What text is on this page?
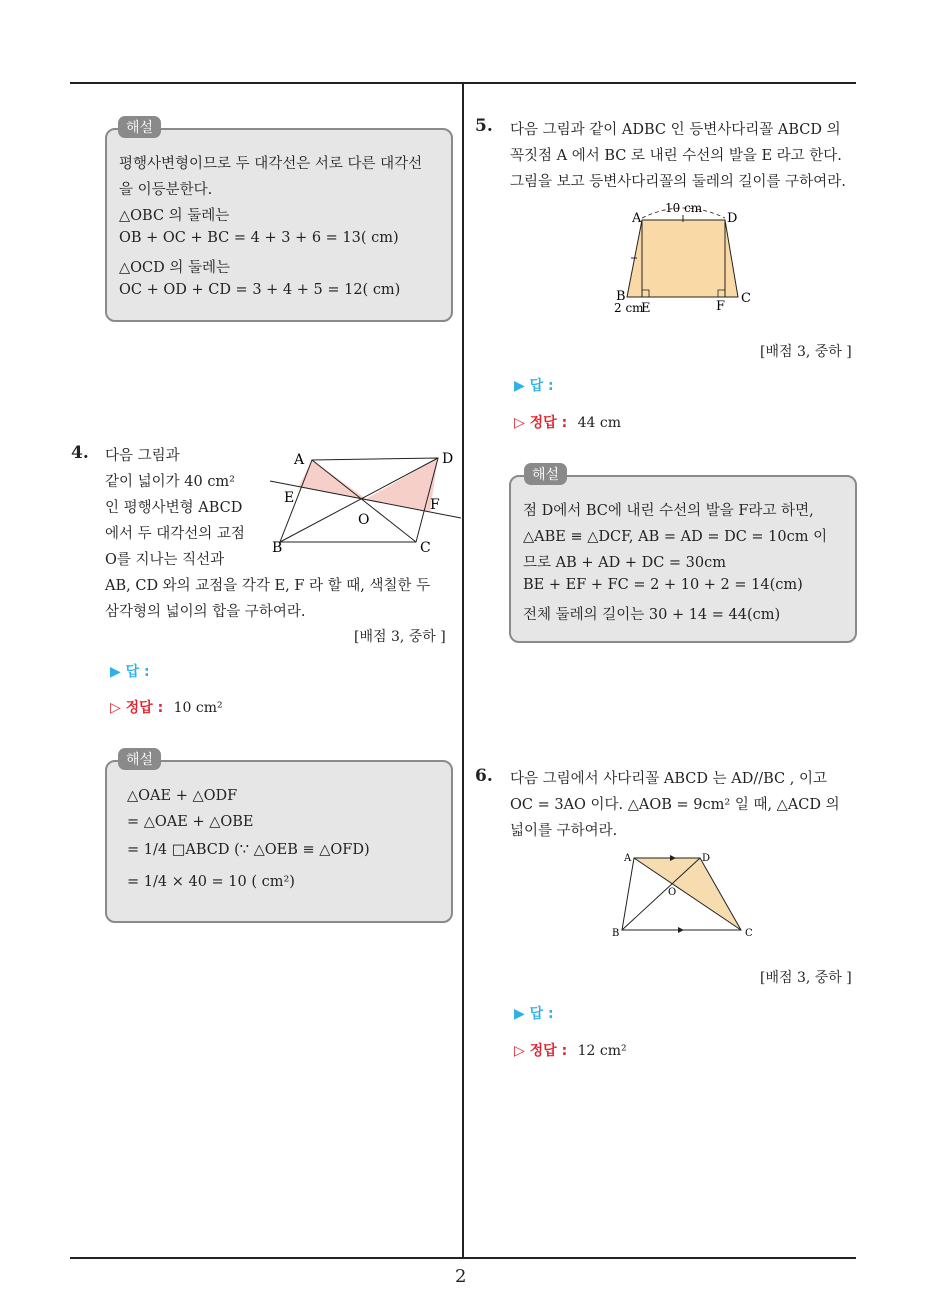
2
평행사변형이므로 두 대각선은 서로 다른 대각선
을 이등분한다.
△OBC 의 둘레는
OB + OC + BC = 4 + 3 + 6 = 13( cm)
△OCD 의 둘레는
OC + OD + CD = 3 + 4 + 5 = 12( cm)
해설
4. 다음 그림과
같이 넓이가 40 cm²
인 평행사변형 ABCD
에서 두 대각선의 교점
O를 지나는 직선과
AB, CD 와의 교점을 각각 E, F 라 할 때, 색칠한 두
삼각형의 넓이의 합을 구하여라.
A	D
E	F
O
B	C
[배점 3, 중하 ]
▶ 답 :
▷ 정답 : 10 cm²
△OAE + △ODF
= △OAE + △OBE
= 1/4 □ABCD (∵ △OEB ≡ △OFD)
= 1/4 × 40 = 10 ( cm²)
해설
5. 다음 그림과 같이 ADBC 인 등변사다리꼴 ABCD 의
꼭짓점 A 에서 BC 로 내린 수선의 발을 E 라고 한다.
그림을 보고 등변사다리꼴의 둘레의 길이를 구하여라.
A	D
10 cm
B	C
2 cm
E	F
[배점 3, 중하 ]
▶ 답 :
▷ 정답 : 44 cm
점 D에서 BC에 내린 수선의 발을 F라고 하면,
△ABE ≡ △DCF, AB = AD = DC = 10cm 이
므로 AB + AD + DC = 30cm
BE + EF + FC = 2 + 10 + 2 = 14(cm)
전체 둘레의 길이는 30 + 14 = 44(cm)
해설
6. 다음 그림에서 사다리꼴 ABCD 는 AD//BC , 이고
OC = 3AO 이다. △AOB = 9cm² 일 때, △ACD 의
넓이를 구하여라.
A	D
O
B	C
[배점 3, 중하 ]
▶ 답 :
▷ 정답 : 12 cm²
